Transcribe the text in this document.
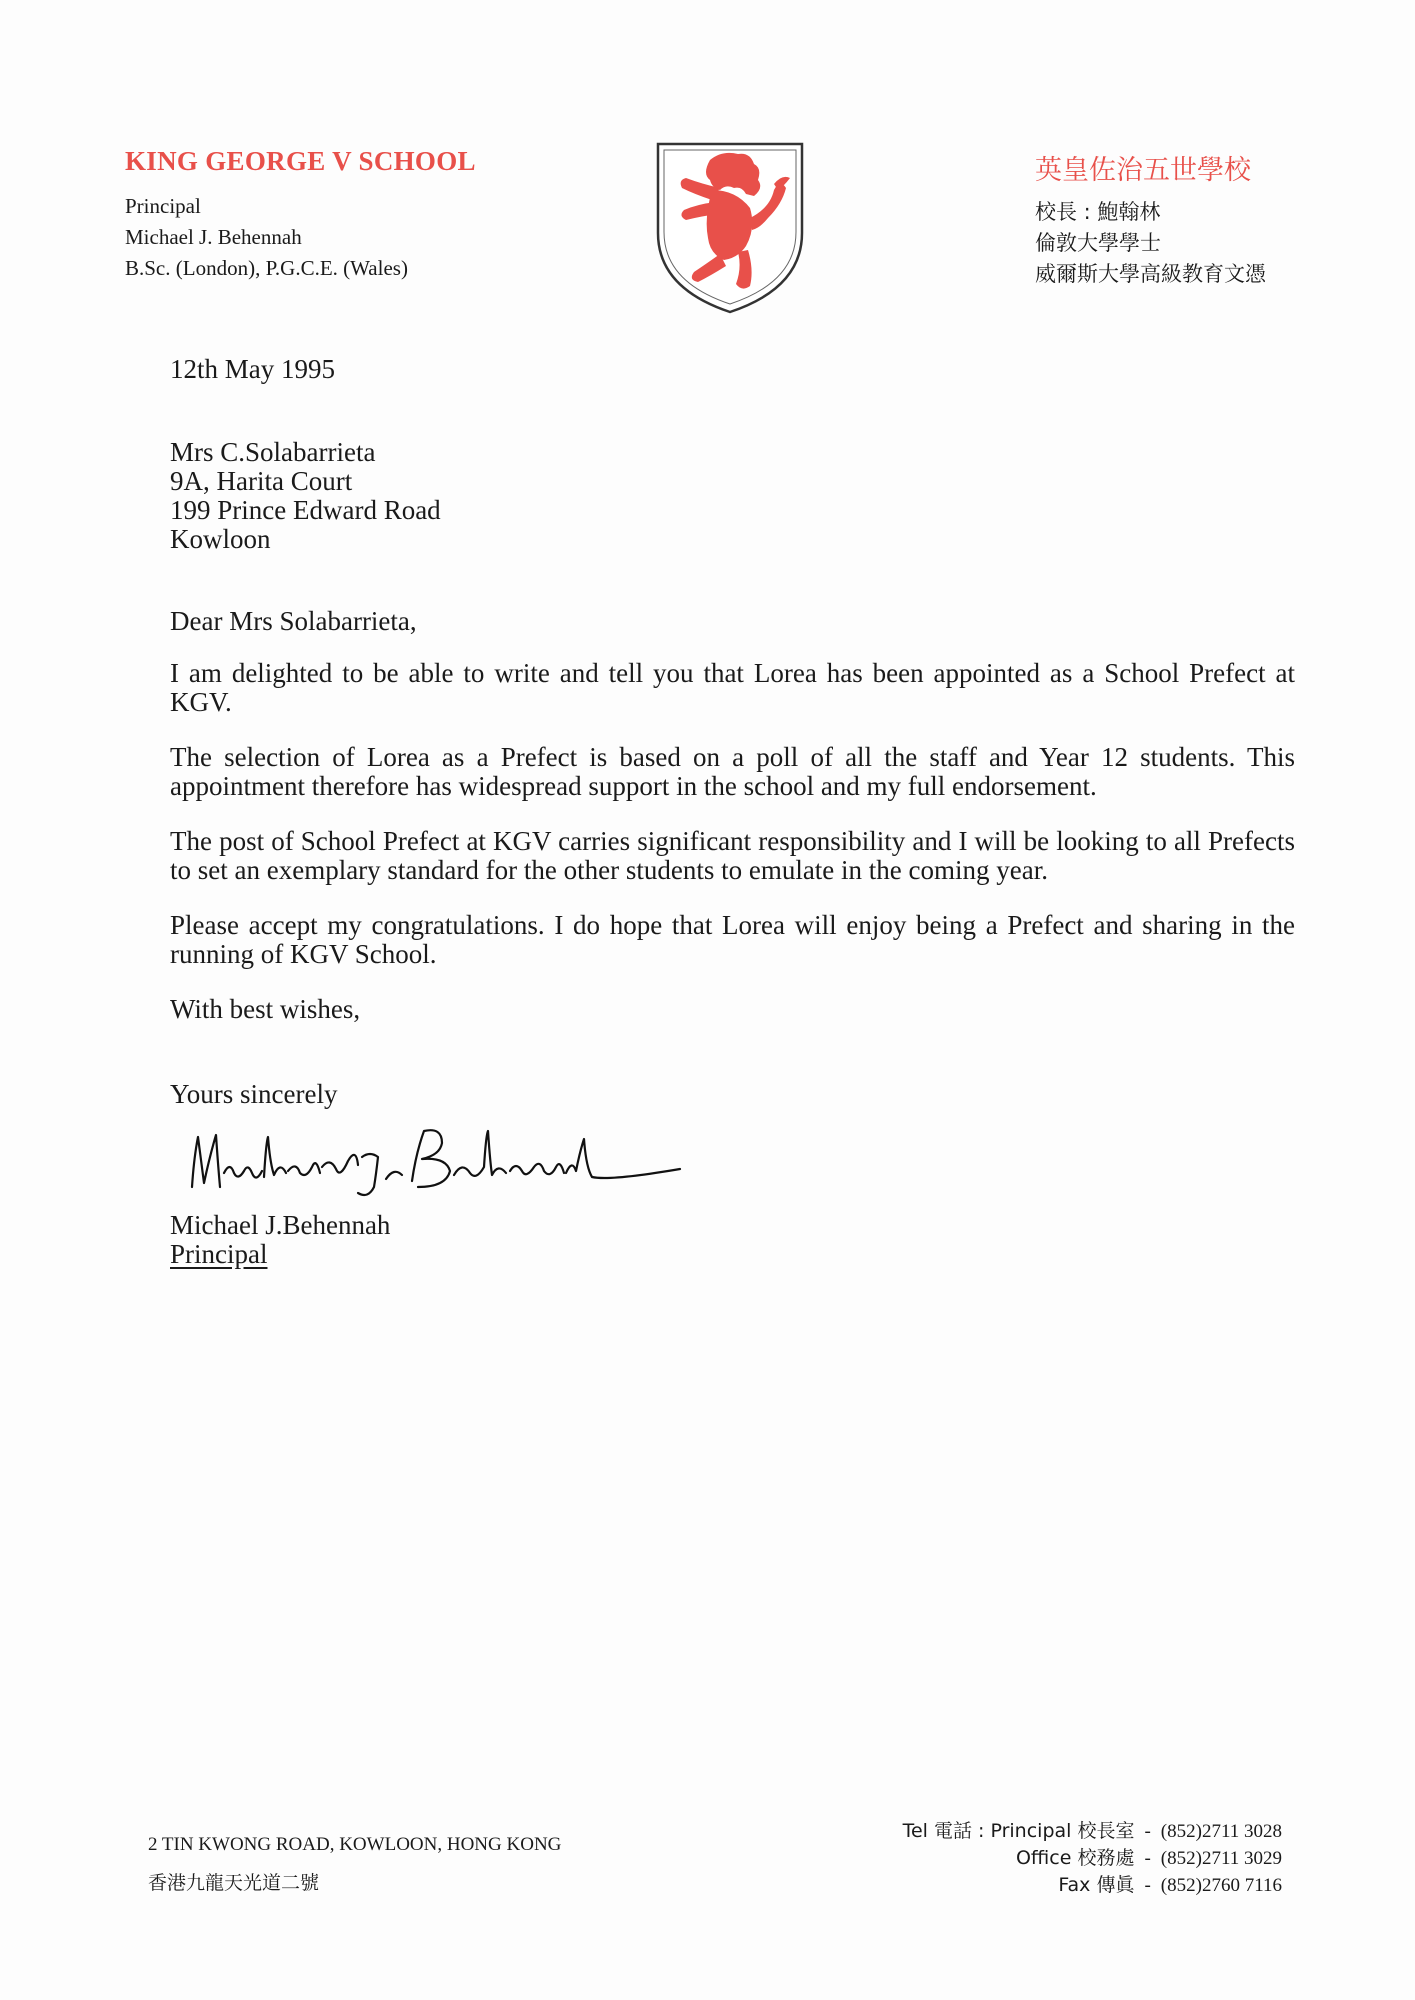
KING GEORGE V SCHOOL
Principal
Michael J. Behennah
B.Sc. (London), P.G.C.E. (Wales)
英皇佐治五世學校
校長 : 鮑翰林
倫敦大學學士
威爾斯大學高級教育文憑
12th May 1995
Mrs C.Solabarrieta
9A, Harita Court
199 Prince Edward Road
Kowloon
Dear Mrs Solabarrieta,

I am delighted to be able to write and tell you that Lorea has been appointed as a School Prefect at KGV.

The selection of Lorea as a Prefect is based on a poll of all the staff and Year 12 students. This appointment therefore has widespread support in the school and my full endorsement.

The post of School Prefect at KGV carries significant responsibility and I will be looking to all Prefects to set an exemplary standard for the other students to emulate in the coming year.

Please accept my congratulations. I do hope that Lorea will enjoy being a Prefect and sharing in the running of KGV School.

With best wishes,
Yours sincerely
Michael J.Behennah
Principal
2 TIN KWONG ROAD, KOWLOON, HONG KONG
香港九龍天光道二號
Tel 電話 : Principal 校長室 - (852)2711 3028
Office 校務處 - (852)2711 3029
Fax 傳眞 - (852)2760 7116
